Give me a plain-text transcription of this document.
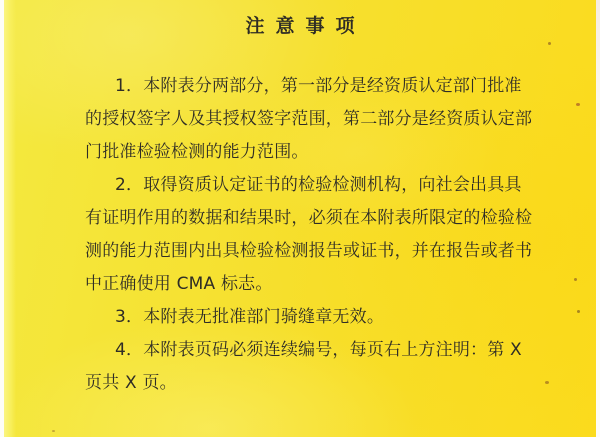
注意事项
1．本附表分两部分，第一部分是经资质认定部门批准
的授权签字人及其授权签字范围，第二部分是经资质认定部
门批准检验检测的能力范围。
2．取得资质认定证书的检验检测机构，向社会出具具
有证明作用的数据和结果时，必须在本附表所限定的检验检
测的能力范围内出具检验检测报告或证书，并在报告或者书
中正确使用 CMA 标志。
3．本附表无批准部门骑缝章无效。
4．本附表页码必须连续编号，每页右上方注明：第 X
页共 X 页。
